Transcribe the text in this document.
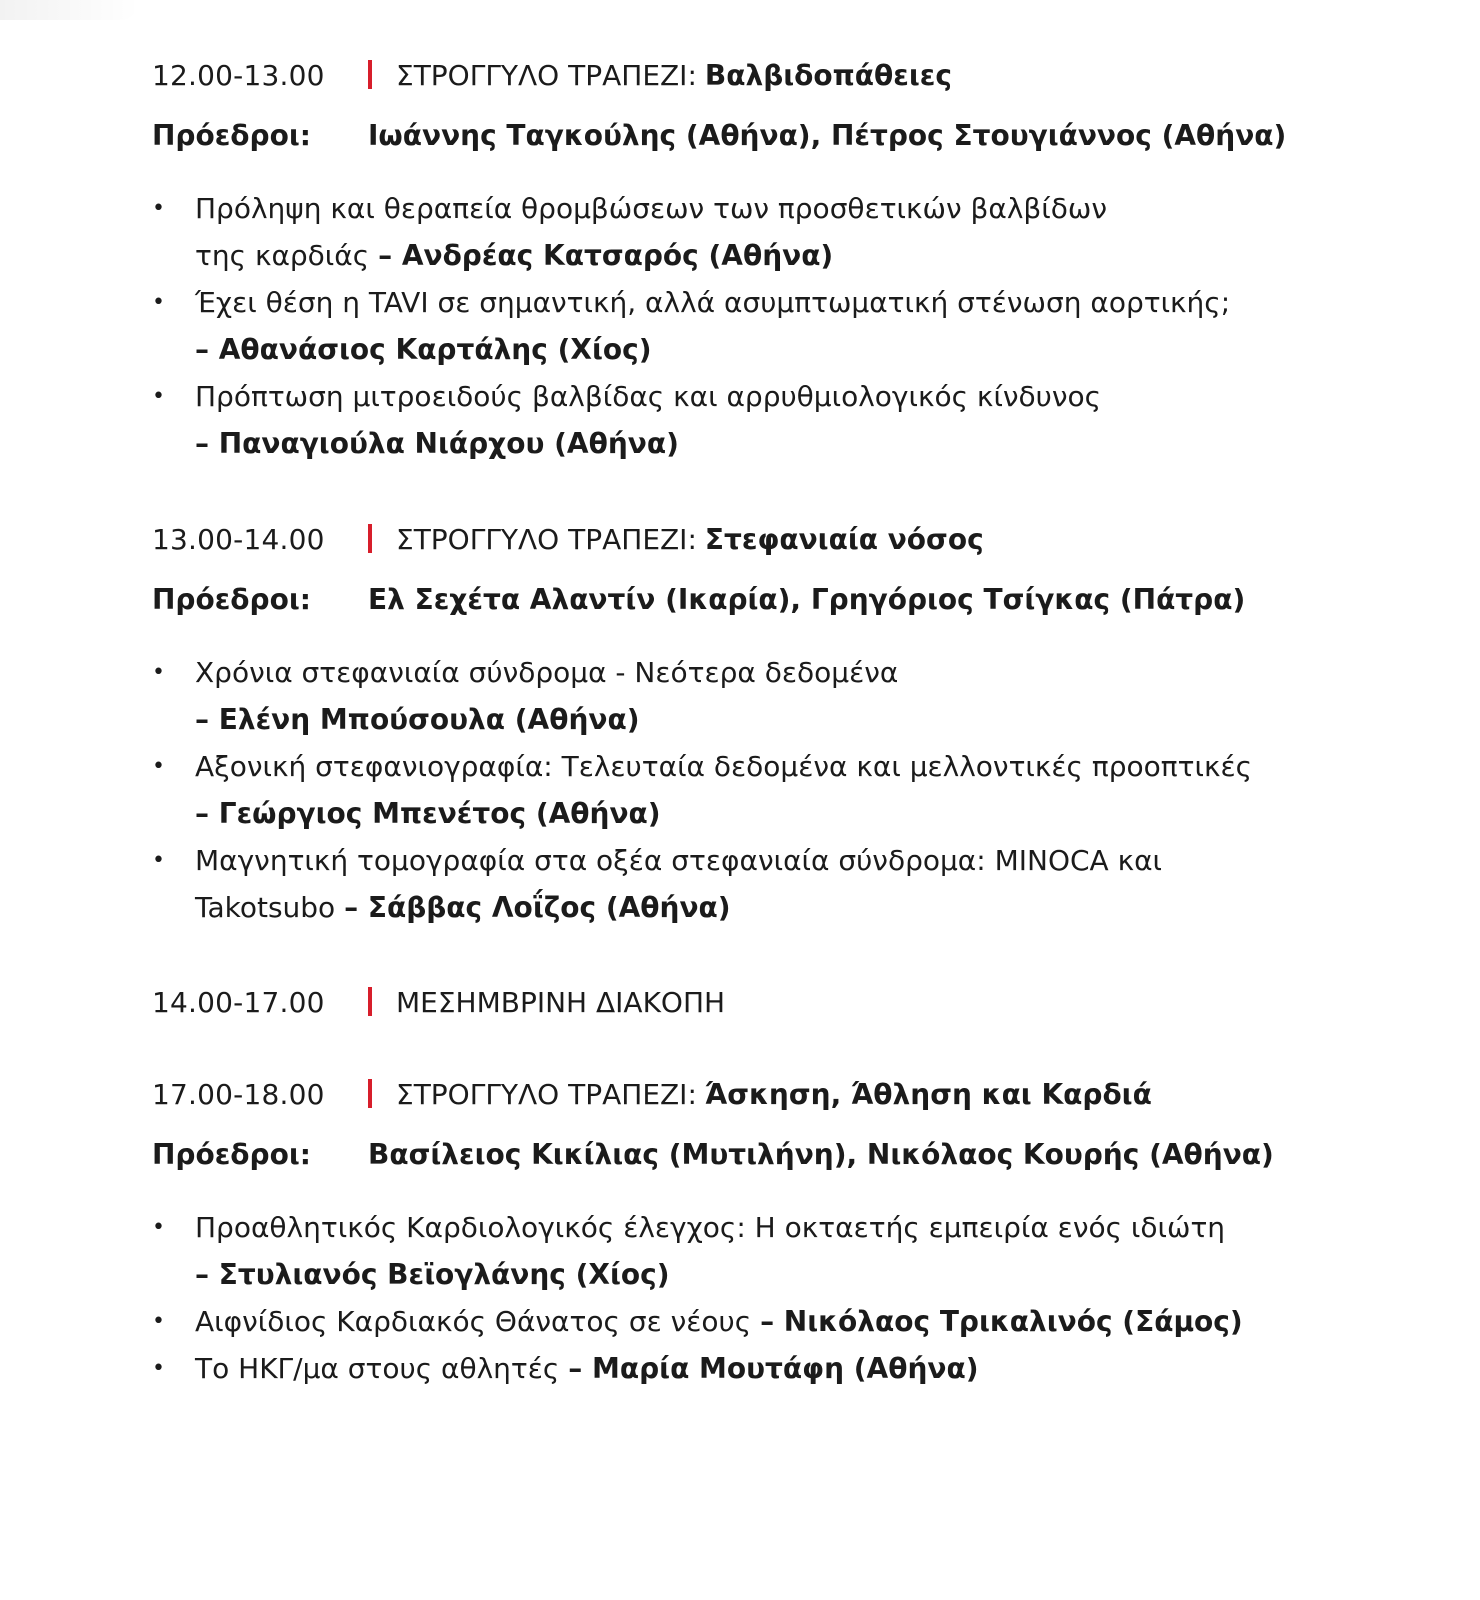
12.00-13.00	ΣΤΡΟΓΓΥΛΟ ΤΡΑΠΕΖΙ: Βαλβιδοπάθειες
Πρόεδροι:	Ιωάννης Ταγκούλης (Αθήνα), Πέτρος Στουγιάννος (Αθήνα)
• Πρόληψη και θεραπεία θρομβώσεων των προσθετικών βαλβίδων
της καρδιάς – Ανδρέας Κατσαρός (Αθήνα)
• Έχει θέση η TAVI σε σημαντική, αλλά ασυμπτωματική στένωση αορτικής;
– Αθανάσιος Καρτάλης (Χίος)
• Πρόπτωση μιτροειδούς βαλβίδας και αρρυθμιολογικός κίνδυνος
– Παναγιούλα Νιάρχου (Αθήνα)
13.00-14.00	ΣΤΡΟΓΓΥΛΟ ΤΡΑΠΕΖΙ: Στεφανιαία νόσος
Πρόεδροι:	Ελ Σεχέτα Αλαντίν (Ικαρία), Γρηγόριος Τσίγκας (Πάτρα)
• Χρόνια στεφανιαία σύνδρομα - Νεότερα δεδομένα
– Ελένη Μπούσουλα (Αθήνα)
• Αξονική στεφανιογραφία: Τελευταία δεδομένα και μελλοντικές προοπτικές
– Γεώργιος Μπενέτος (Αθήνα)
• Μαγνητική τομογραφία στα οξέα στεφανιαία σύνδρομα: MINOCA και
Takotsubo – Σάββας Λοΐζος (Αθήνα)
14.00-17.00	ΜΕΣΗΜΒΡΙΝΗ ΔΙΑΚΟΠΗ
17.00-18.00	ΣΤΡΟΓΓΥΛΟ ΤΡΑΠΕΖΙ: Άσκηση, Άθληση και Καρδιά
Πρόεδροι:	Βασίλειος Κικίλιας (Μυτιλήνη), Νικόλαος Κουρής (Αθήνα)
• Προαθλητικός Καρδιολογικός έλεγχος: Η οκταετής εμπειρία ενός ιδιώτη
– Στυλιανός Βεϊογλάνης (Χίος)
• Αιφνίδιος Καρδιακός Θάνατος σε νέους – Νικόλαος Τρικαλινός (Σάμος)
• Το ΗΚΓ/μα στους αθλητές – Μαρία Μουτάφη (Αθήνα)
